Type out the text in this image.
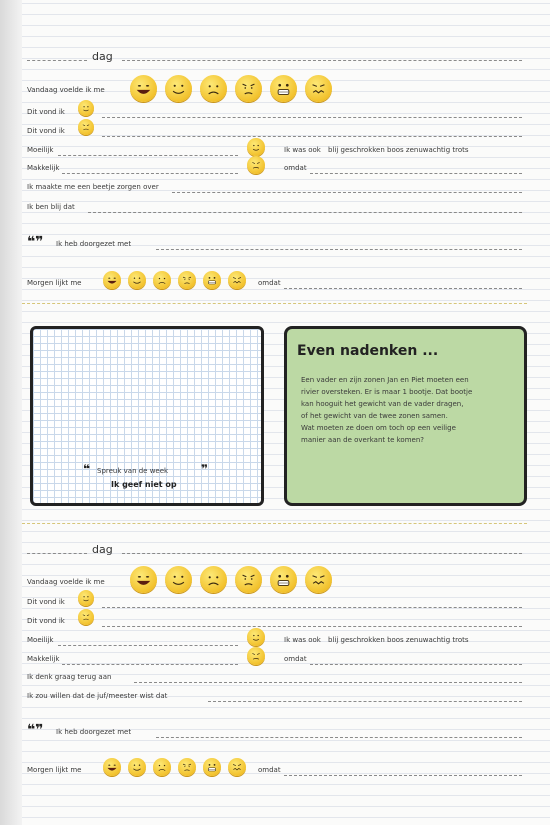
dag
Vandaag voelde ik me
Dit vond ik
Dit vond ik
Moeilijk	Ik was ook blij geschrokken boos zenuwachtig trots
Makkelijk	omdat
Ik maakte me een beetje zorgen over
Ik ben blij dat
❝❞ Ik heb doorgezet met
Morgen lijkt me	omdat
❝ Spreuk van de week	❞
Ik geef niet op
Even nadenken ...
Een vader en zijn zonen Jan en Piet moeten een
rivier oversteken. Er is maar 1 bootje. Dat bootje
kan hooguit het gewicht van de vader dragen,
of het gewicht van de twee zonen samen.
Wat moeten ze doen om toch op een veilige
manier aan de overkant te komen?
dag
Vandaag voelde ik me
Dit vond ik
Dit vond ik
Moeilijk	Ik was ook blij geschrokken boos zenuwachtig trots
Makkelijk	omdat
Ik denk graag terug aan
Ik zou willen dat de juf/meester wist dat
❝❞ Ik heb doorgezet met
Morgen lijkt me	omdat
